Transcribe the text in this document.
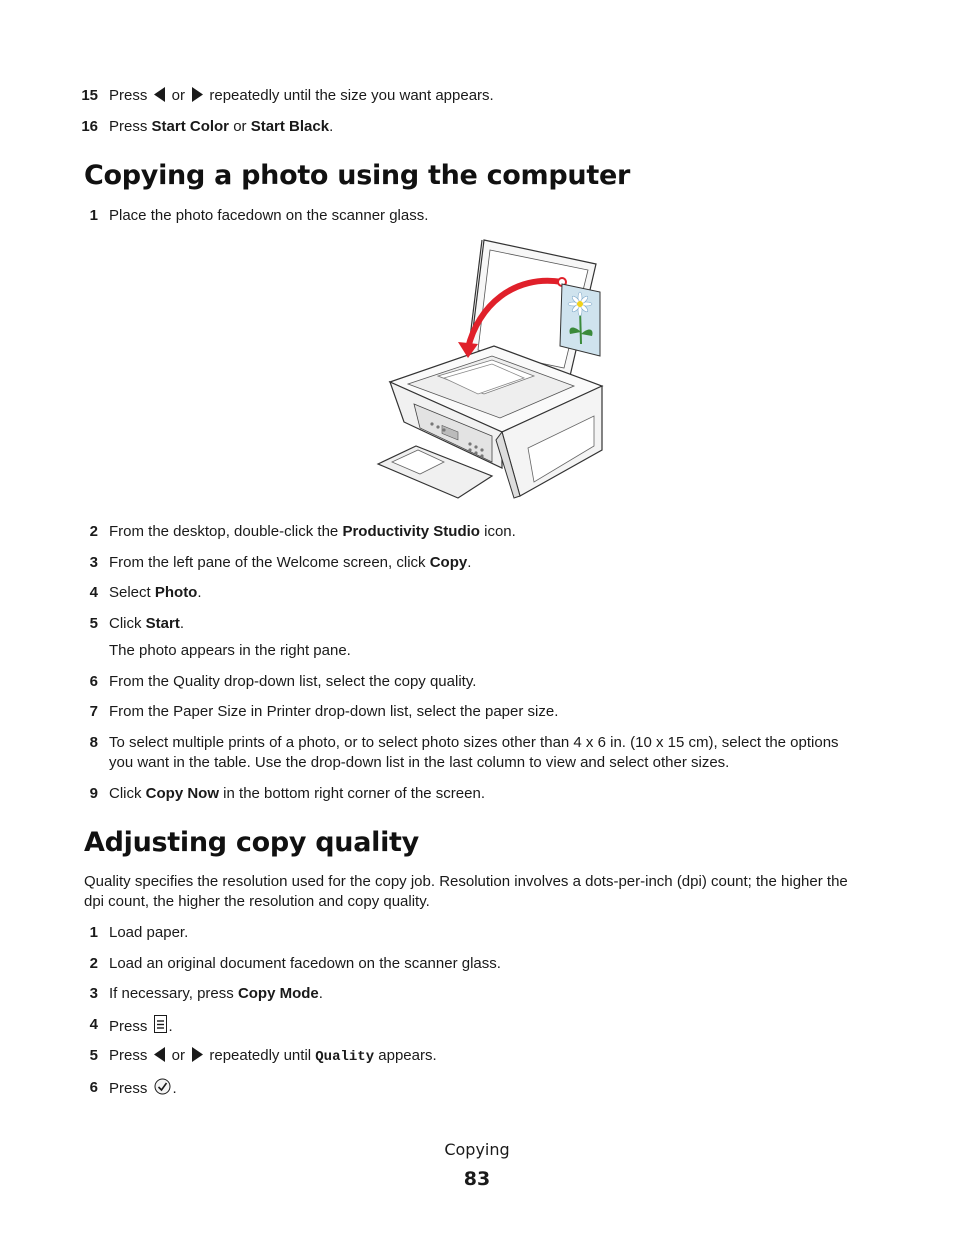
15 Press  or  repeatedly until the size you want appears.
16 Press Start Color or Start Black.
Copying a photo using the computer
1 Place the photo facedown on the scanner glass.
2 From the desktop, double-click the Productivity Studio icon.
3 From the left pane of the Welcome screen, click Copy.
4 Select Photo.
5 Click Start.
The photo appears in the right pane.
6 From the Quality drop-down list, select the copy quality.
7 From the Paper Size in Printer drop-down list, select the paper size.
8 To select multiple prints of a photo, or to select photo sizes other than 4 x 6 in. (10 x 15 cm), select the options
you want in the table. Use the drop-down list in the last column to view and select other sizes.
9 Click Copy Now in the bottom right corner of the screen.
Adjusting copy quality
Quality specifies the resolution used for the copy job. Resolution involves a dots-per-inch (dpi) count; the higher the
dpi count, the higher the resolution and copy quality.
1 Load paper.
2 Load an original document facedown on the scanner glass.
3 If necessary, press Copy Mode.
4 Press .
5 Press  or  repeatedly until Quality appears.
6 Press .
Copying
83
